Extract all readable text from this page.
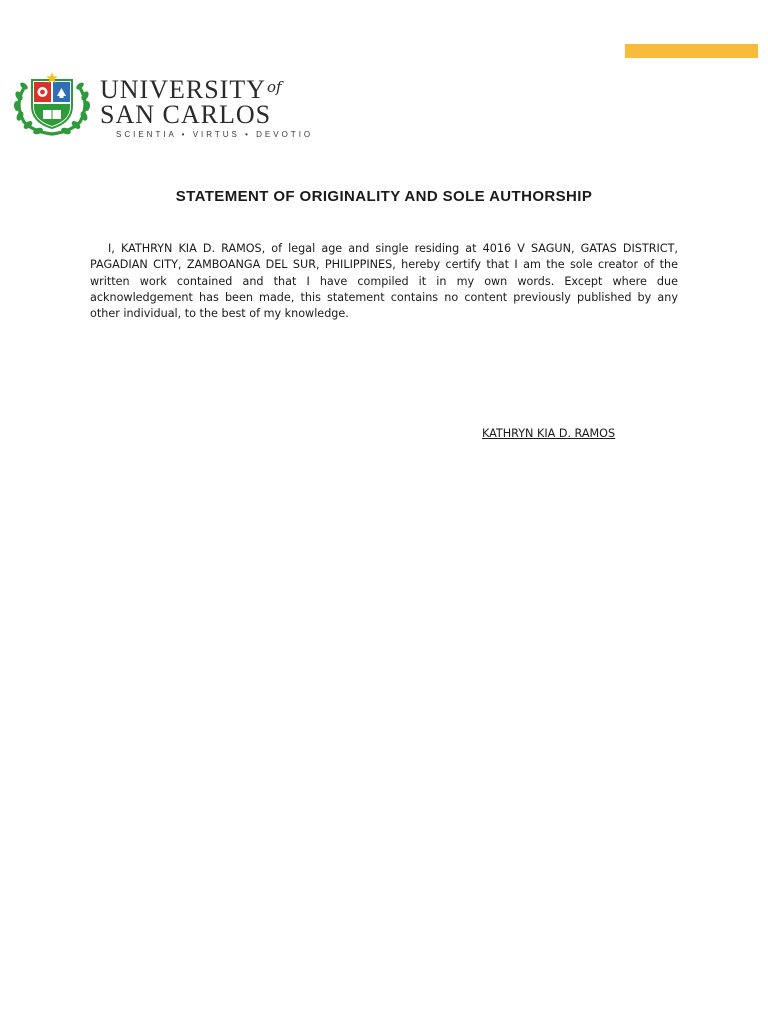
$UNIVERSITY^{of}$
SAN CARLOS
SCIENTIA • VIRTUS • DEVOTIO
STATEMENT OF ORIGINALITY AND SOLE AUTHORSHIP

I, KATHRYN KIA D. RAMOS, of legal age and single residing at 4016 V SAGUN, GATAS DISTRICT, PAGADIAN CITY, ZAMBOANGA DEL SUR, PHILIPPINES, hereby certify that I am the sole creator of the written work contained and that I have compiled it in my own words. Except where due acknowledgement has been made, this statement contains no content previously published by any other individual, to the best of my knowledge.

KATHRYN KIA D. RAMOS
